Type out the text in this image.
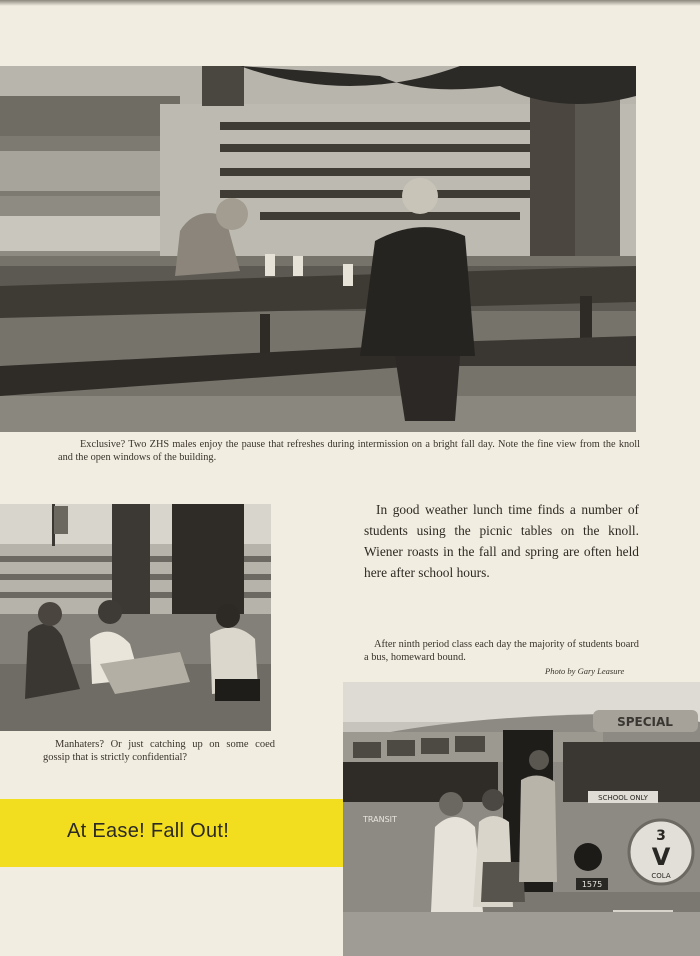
Exclusive? Two ZHS males enjoy the pause that refreshes during intermission on a bright fall day. Note the fine view from the knoll and the open windows of the building.
Manhaters? Or just catching up on some coed gossip that is strictly confidential?
In good weather lunch time finds a number of students using the picnic tables on the knoll. Wiener roasts in the fall and spring are often held here after school hours.
After ninth period class each day the majority of students board a bus, homeward bound.
Photo by Gary Leasure
SPECIAL
SCHOOL ONLY
TRANSIT
3
V
COLA
1575
At Ease! Fall Out!
